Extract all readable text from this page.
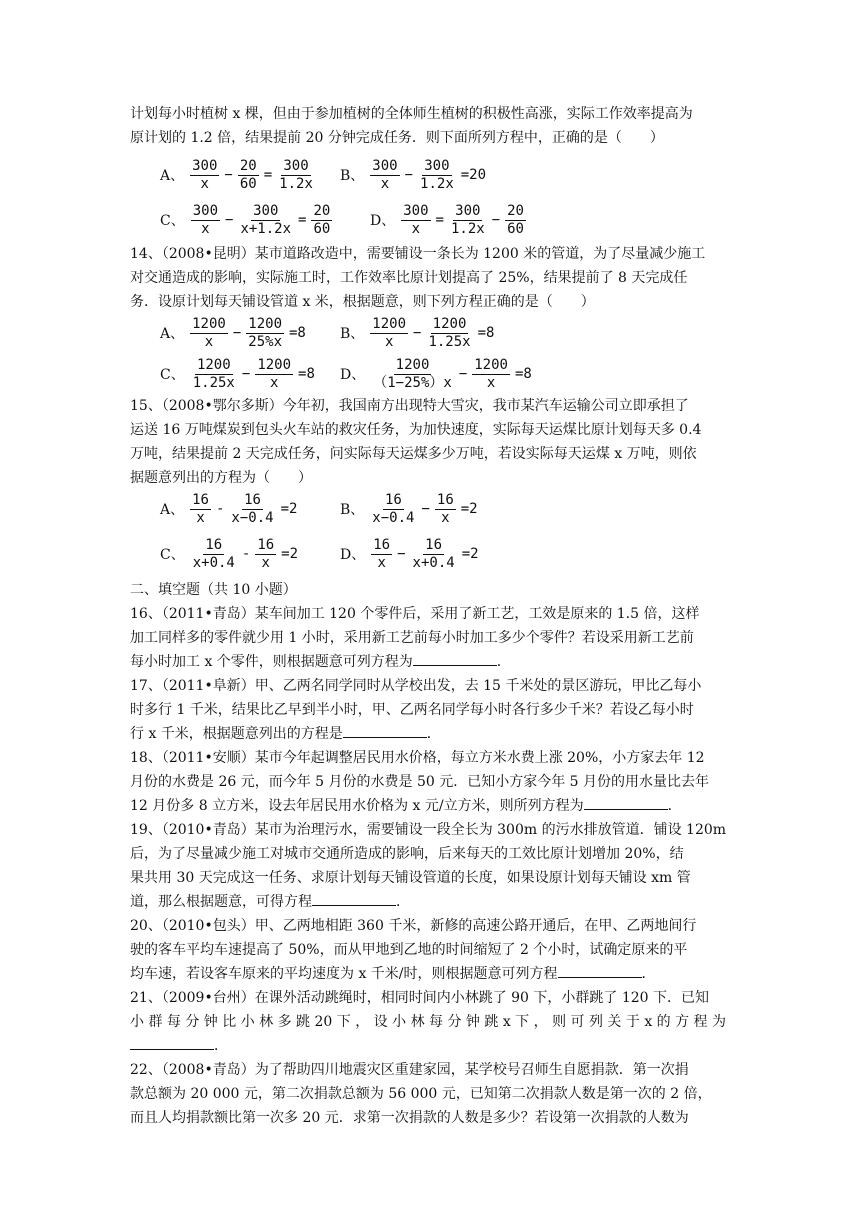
计划每小时植树 x 棵，但由于参加植树的全体师生植树的积极性高涨，实际工作效率提高为
原计划的 1.2 倍，结果提前 20 分钟完成任务．则下面所列方程中，正确的是（　　）
A、 $\frac{300}{x} - \frac{20}{60} = \frac{300}{1.2x}$ B、 $\frac{300}{x} - \frac{300}{1.2x} =20$
C、 $\frac{300}{x} - \frac{300}{x+1.2x} = \frac{20}{60}$	D、 $\frac{300}{x} = \frac{300}{1.2x} - \frac{20}{60}$
14、（2008•昆明）某市道路改造中，需要铺设一条长为 1200 米的管道，为了尽量减少施工
对交通造成的影响，实际施工时，工作效率比原计划提高了 25%，结果提前了 8 天完成任
务．设原计划每天铺设管道 x 米，根据题意，则下列方程正确的是（　　）
A、 $\frac{1200}{x} - \frac{1200}{25\%x} =8$ B、 $\frac{1200}{x} - \frac{1200}{1.25x} =8$
C、 $\frac{1200}{1.25x} - \frac{1200}{x} =8$ D、 $\frac{1200}{(1-25\%)x} - \frac{1200}{x} =8$
15、（2008•鄂尔多斯）今年初，我国南方出现特大雪灾，我市某汽车运输公司立即承担了
运送 16 万吨煤炭到包头火车站的救灾任务，为加快速度，实际每天运煤比原计划每天多 0.4
万吨，结果提前 2 天完成任务，问实际每天运煤多少万吨，若设实际每天运煤 x 万吨，则依
据题意列出的方程为（　　）
A、 $\frac{16}{x} - \frac{16}{x-0.4} =2$	B、 $\frac{16}{x-0.4} - \frac{16}{x} =2$
C、 $\frac{16}{x+0.4} - \frac{16}{x} =2$	D、 $\frac{16}{x} - \frac{16}{x+0.4} =2$
二、填空题（共 10 小题）
16、（2011•青岛）某车间加工 120 个零件后，采用了新工艺，工效是原来的 1.5 倍，这样
加工同样多的零件就少用 1 小时，采用新工艺前每小时加工多少个零件？若设采用新工艺前
每小时加工 x 个零件，则根据题意可列方程为	．
17、（2011•阜新）甲、乙两名同学同时从学校出发，去 15 千米处的景区游玩，甲比乙每小
时多行 1 千米，结果比乙早到半小时，甲、乙两名同学每小时各行多少千米？若设乙每小时
行 x 千米，根据题意列出的方程是	．
18、（2011•安顺）某市今年起调整居民用水价格，每立方米水费上涨 20%，小方家去年 12
月份的水费是 26 元，而今年 5 月份的水费是 50 元．已知小方家今年 5 月份的用水量比去年
12 月份多 8 立方米，设去年居民用水价格为 x 元/立方米，则所列方程为	．
19、（2010•青岛）某市为治理污水，需要铺设一段全长为 300m 的污水排放管道．铺设 120m
后，为了尽量减少施工对城市交通所造成的影响，后来每天的工效比原计划增加 20%，结
果共用 30 天完成这一任务、求原计划每天铺设管道的长度，如果设原计划每天铺设 xm 管
道，那么根据题意，可得方程	．
20、（2010•包头）甲、乙两地相距 360 千米，新修的高速公路开通后，在甲、乙两地间行
驶的客车平均车速提高了 50%，而从甲地到乙地的时间缩短了 2 个小时，试确定原来的平
均车速，若设客车原来的平均速度为 x 千米/时，则根据题意可列方程	．
21、（2009•台州）在课外活动跳绳时，相同时间内小林跳了 90 下，小群跳了 120 下．已知
小 群 每 分 钟 比 小 林 多 跳 20 下 ， 设 小 林 每 分 钟 跳 x 下 ， 则 可 列 关 于 x 的 方 程 为
．
22、（2008•青岛）为了帮助四川地震灾区重建家园，某学校号召师生自愿捐款．第一次捐
款总额为 20 000 元，第二次捐款总额为 56 000 元，已知第二次捐款人数是第一次的 2 倍，
而且人均捐款额比第一次多 20 元．求第一次捐款的人数是多少？若设第一次捐款的人数为
